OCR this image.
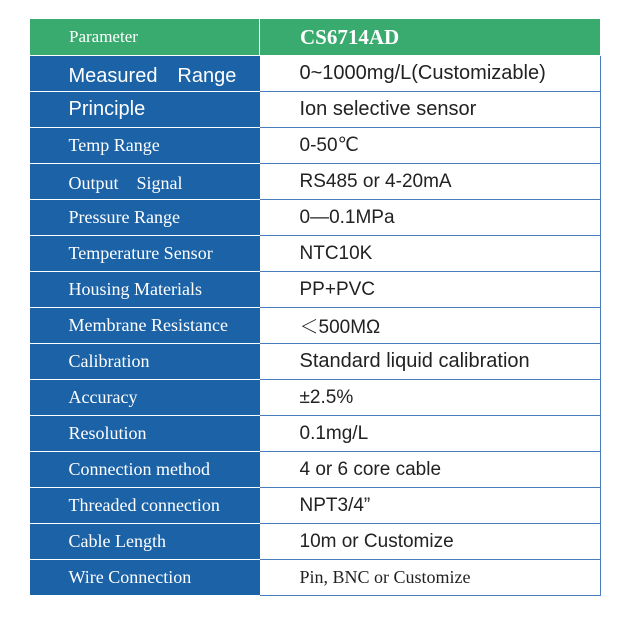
Parameter	CS6714AD
Measured　Range	0~1000mg/L(Customizable)
Principle	Ion selective sensor
Temp Range	0-50℃
Output　Signal	RS485 or 4-20mA
Pressure Range	0—0.1MPa
Temperature Sensor	NTC10K
Housing Materials	PP+PVC
Membrane Resistance	＜500MΩ
Calibration	Standard liquid calibration
Accuracy	±2.5%
Resolution	0.1mg/L
Connection method	4 or 6 core cable
Threaded connection	NPT3/4”
Cable Length	10m or Customize
Wire Connection	Pin, BNC or Customize
